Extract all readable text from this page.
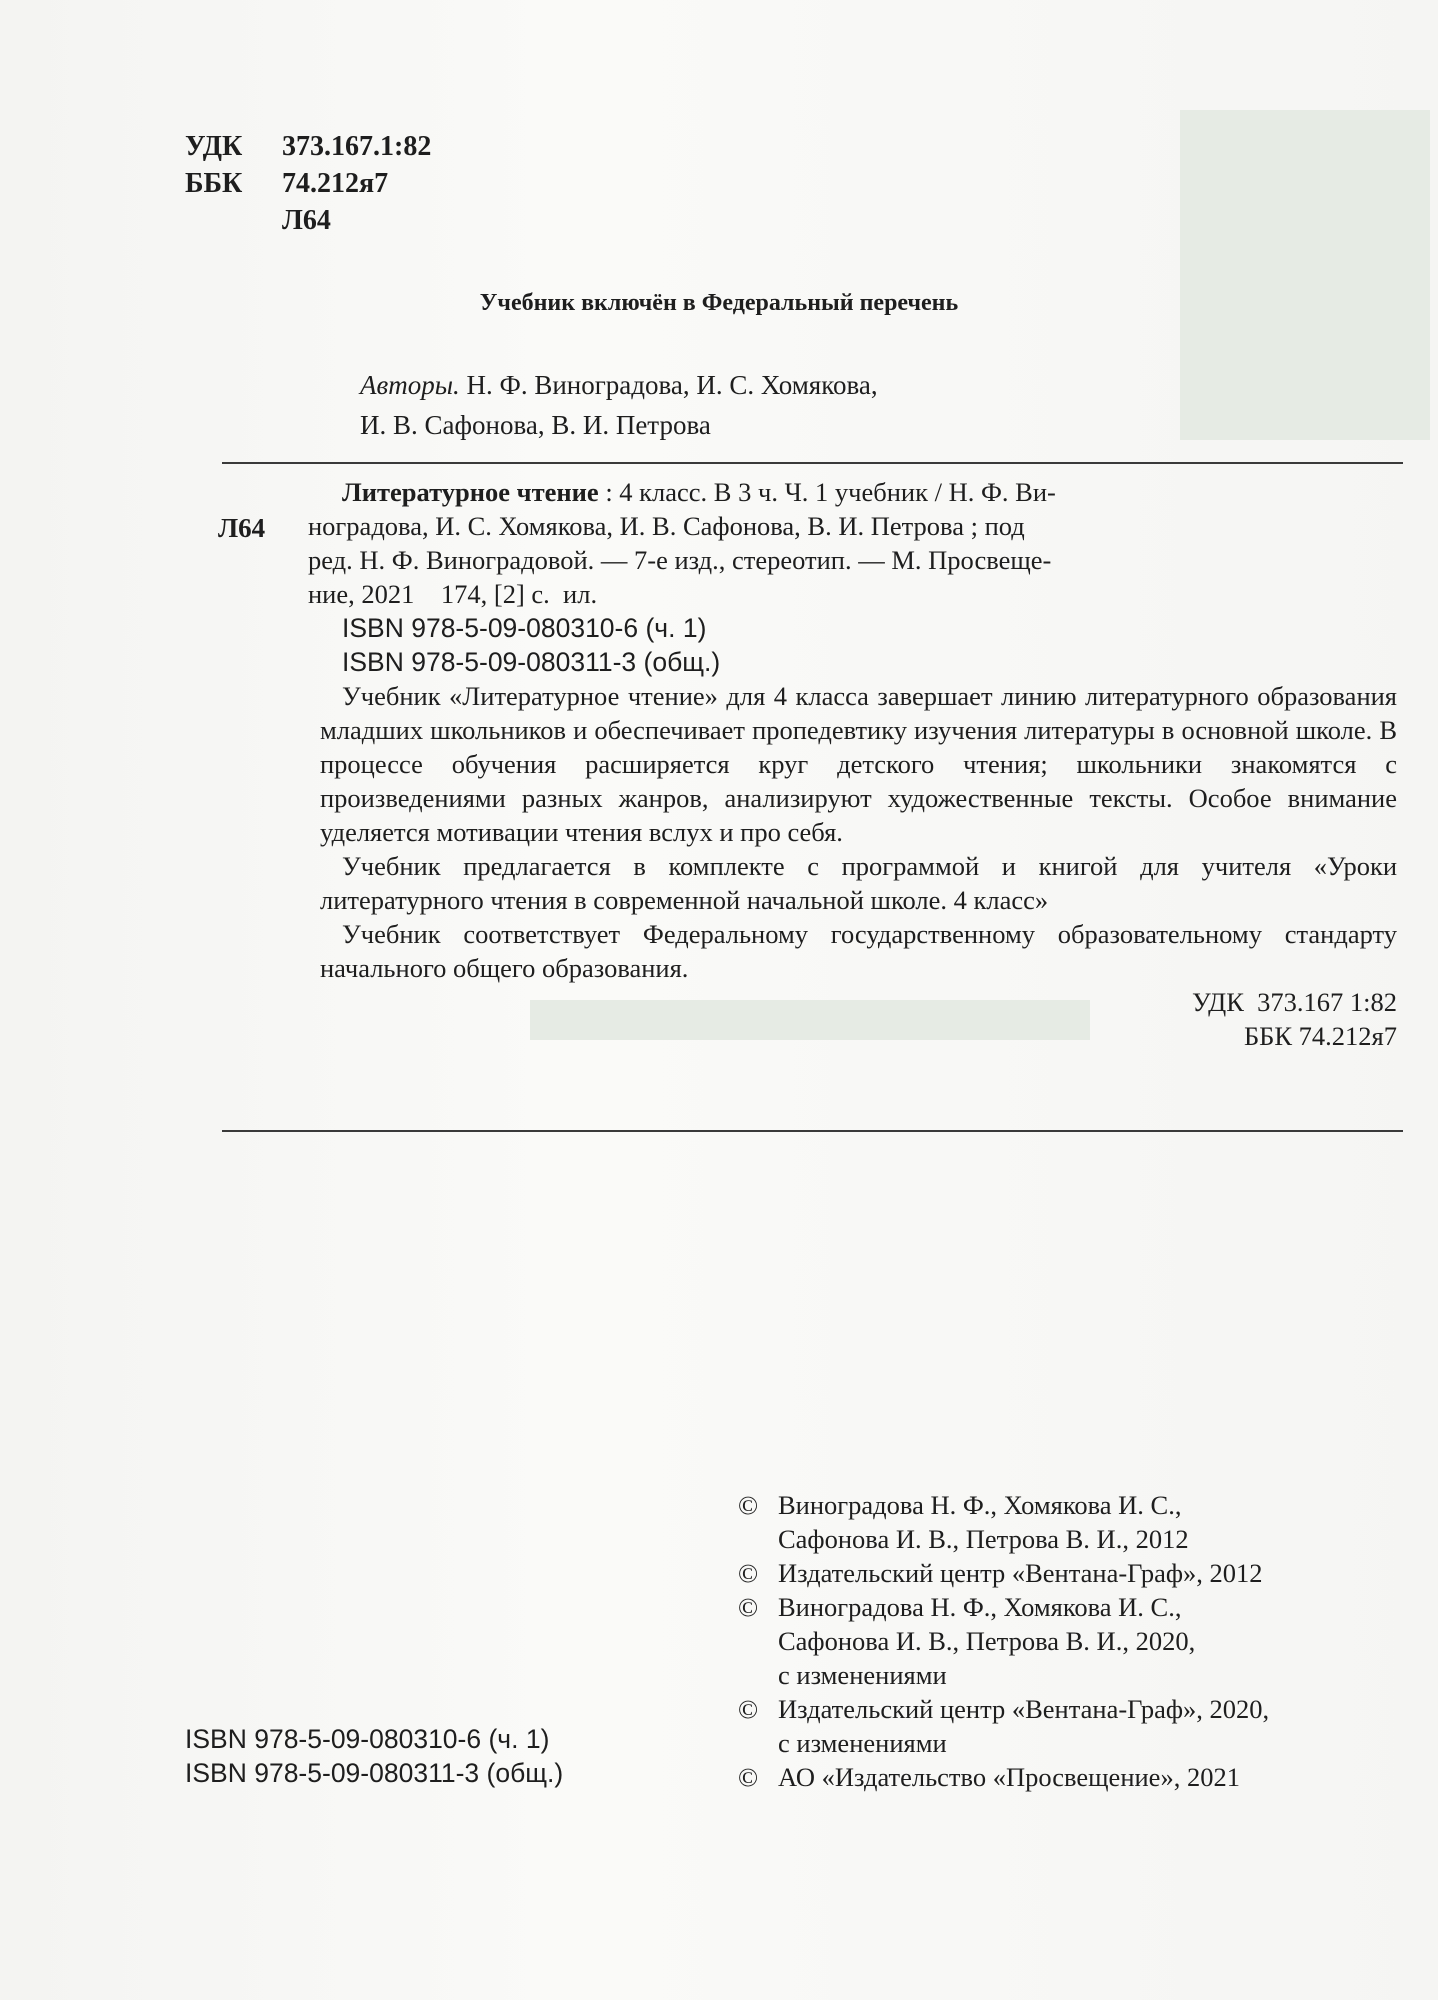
УДК	373.167.1:82
ББК	74.212я7
Л64
Учебник включён в Федеральный перечень
Авторы. Н. Ф. Виноградова, И. С. Хомякова,
И. В. Сафонова, В. И. Петрова
Л64

Литературное чтение : 4 класс. В 3 ч. Ч. 1 учебник / Н. Ф. Ви-

ноградова, И. С. Хомякова, И. В. Сафонова, В. И. Петрова ; под

ред. Н. Ф. Виноградовой. — 7-е изд., стереотип. — М. Просвеще-

ние, 2021    174, [2] с.  ил.

ISBN 978-5-09-080310-6 (ч. 1)

ISBN 978-5-09-080311-3 (общ.)

Учебник «Литературное чтение» для 4 класса завершает линию литературного образования младших школьников и обеспечивает пропедевтику изучения литературы в основной школе. В процессе обучения расширяется круг детского чтения; школьники знакомятся с произведениями разных жанров, анализируют художественные тексты. Особое внимание уделяется мотивации чтения вслух и про себя.

Учебник предлагается в комплекте с программой и книгой для учителя «Уроки литературного чтения в современной начальной школе. 4 класс»

Учебник соответствует Федеральному государственному образовательному стандарту начального общего образования.

УДК  373.167 1:82

ББК 74.212я7

© Виноградова Н. Ф., Хомякова И. С.,
Сафонова И. В., Петрова В. И., 2012
© Издательский центр «Вентана-Граф», 2012
© Виноградова Н. Ф., Хомякова И. С.,
Сафонова И. В., Петрова В. И., 2020,
с изменениями
© Издательский центр «Вентана-Граф», 2020,
с изменениями
© АО «Издательство «Просвещение», 2021
ISBN 978-5-09-080310-6 (ч. 1)
ISBN 978-5-09-080311-3 (общ.)
